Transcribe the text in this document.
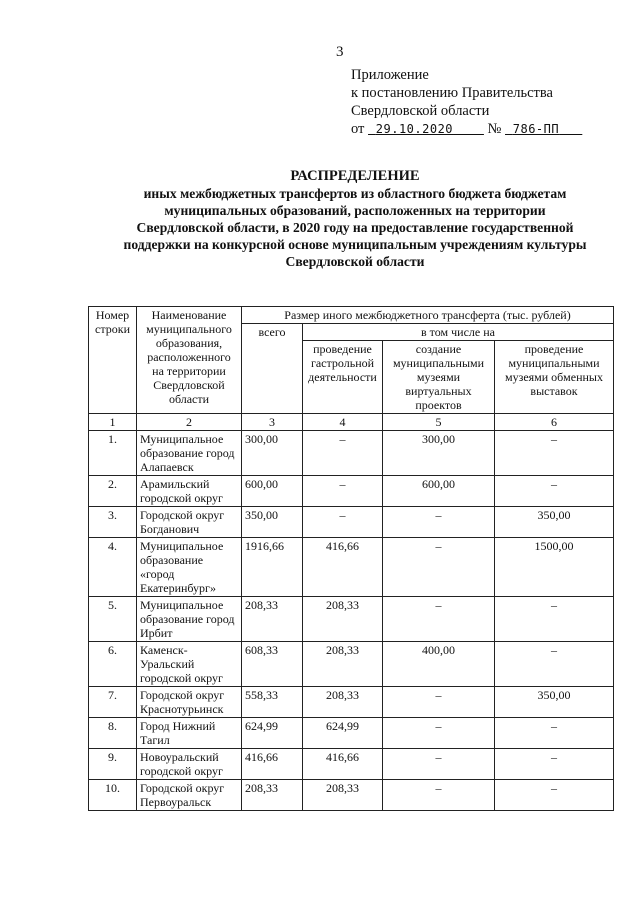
3
Приложение
к постановлению Правительства
Свердловской области
от 29.10.2020 № 786-ПП
РАСПРЕДЕЛЕНИЕ
иных межбюджетных трансфертов из областного бюджета бюджетам
муниципальных образований, расположенных на территории
Свердловской области, в 2020 году на предоставление государственной
поддержки на конкурсной основе муниципальным учреждениям культуры
Свердловской области
Номер строки	Наименование муниципального образования, расположенного на территории Свердловской области	Размер иного межбюджетного трансферта (тыс. рублей)			
		всего	в том числе на		
			проведение гастрольной деятельности	создание муниципальными музеями виртуальных проектов	проведение муниципальными музеями обменных выставок
1	2	3	4	5	6
1.	Муниципальное образование город Алапаевск	300,00	–	300,00	–
2.	Арамильский городской округ	600,00	–	600,00	–
3.	Городской округ Богданович	350,00	–	–	350,00
4.	Муниципальное образование «город Екатеринбург»	1916,66	416,66	–	1500,00
5.	Муниципальное образование город Ирбит	208,33	208,33	–	–
6.	Каменск-Уральский городской округ	608,33	208,33	400,00	–
7.	Городской округ Краснотурьинск	558,33	208,33	–	350,00
8.	Город Нижний Тагил	624,99	624,99	–	–
9.	Новоуральский городской округ	416,66	416,66	–	–
10.	Городской округ Первоуральск	208,33	208,33	–	–
